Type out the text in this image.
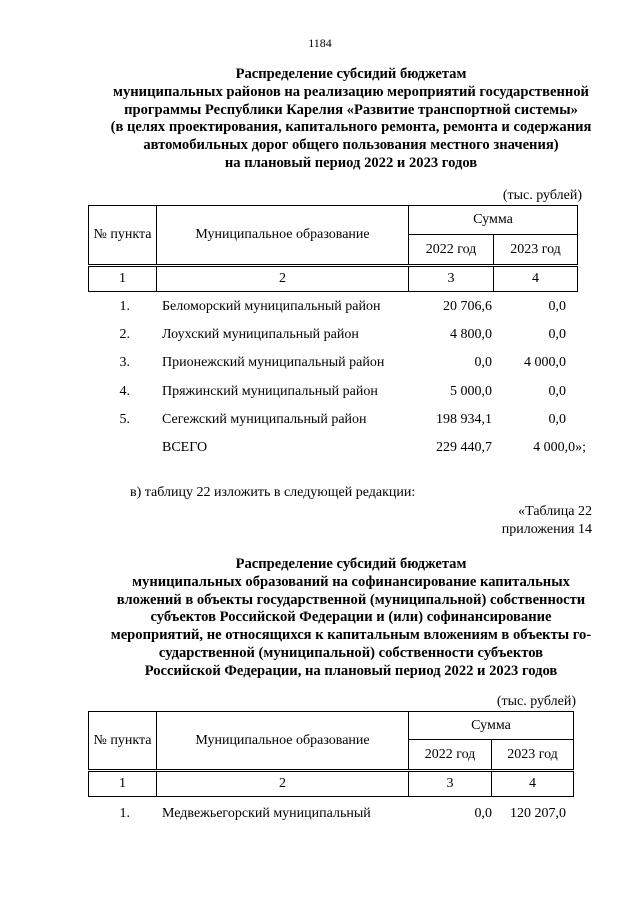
1184
Распределение субсидий бюджетам
муниципальных районов на реализацию мероприятий государственной
программы Республики Карелия «Развитие транспортной системы»
(в целях проектирования, капитального ремонта, ремонта и содержания
автомобильных дорог общего пользования местного значения)
на плановый период 2022 и 2023 годов
(тыс. рублей)
№ пункта	Муниципальное образование	Сумма	
		2022 год	2023 год
1	2	3	4
1. Беломорский муниципальный район	20 706,6	0,0
2. Лоухский муниципальный район	4 800,0	0,0
3. Прионежский муниципальный район	0,0	4 000,0
4. Пряжинский муниципальный район	5 000,0	0,0
5. Сегежский муниципальный район	198 934,1	0,0
ВСЕГО	229 440,7	4 000,0»;
в) таблицу 22 изложить в следующей редакции:
«Таблица 22
приложения 14
Распределение субсидий бюджетам
муниципальных образований на софинансирование капитальных
вложений в объекты государственной (муниципальной) собственности
субъектов Российской Федерации и (или) софинансирование
мероприятий, не относящихся к капитальным вложениям в объекты го-
сударственной (муниципальной) собственности субъектов
Российской Федерации, на плановый период 2022 и 2023 годов
(тыс. рублей)
№ пункта	Муниципальное образование	Сумма	
		2022 год	2023 год
1	2	3	4
1. Медвежьегорский муниципальный	0,0	120 207,0
